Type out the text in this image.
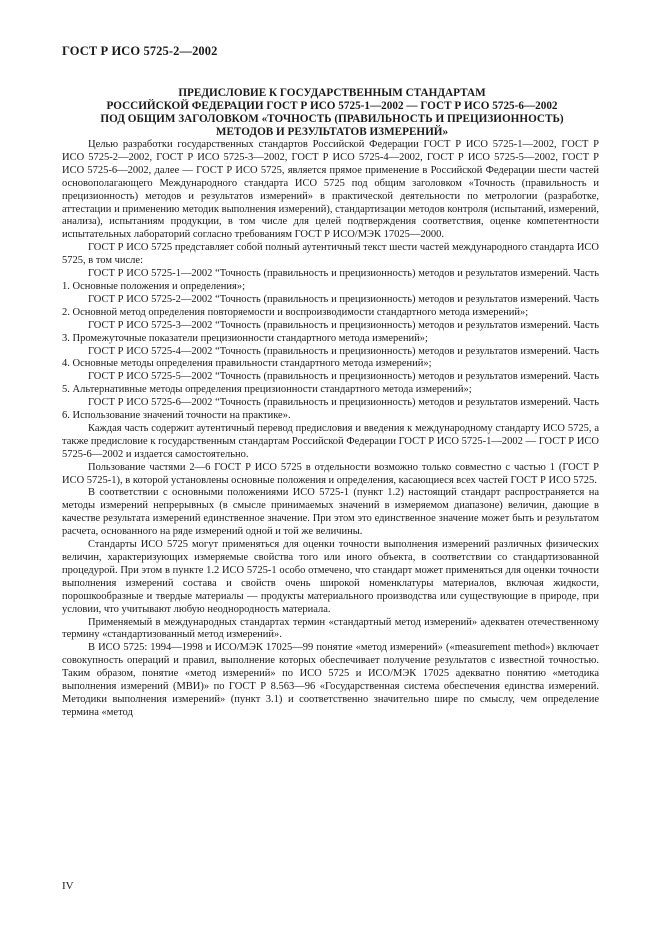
ГОСТ Р ИСО 5725-2—2002
ПРЕДИСЛОВИЕ К ГОСУДАРСТВЕННЫМ СТАНДАРТАМ
РОССИЙСКОЙ ФЕДЕРАЦИИ ГОСТ Р ИСО 5725-1—2002 — ГОСТ Р ИСО 5725-6—2002
ПОД ОБЩИМ ЗАГОЛОВКОМ «ТОЧНОСТЬ (ПРАВИЛЬНОСТЬ И ПРЕЦИЗИОННОСТЬ)
МЕТОДОВ И РЕЗУЛЬТАТОВ ИЗМЕРЕНИЙ»

Целью разработки государственных стандартов Российской Федерации ГОСТ Р ИСО 5725-1—2002, ГОСТ Р ИСО 5725-2—2002, ГОСТ Р ИСО 5725-3—2002, ГОСТ Р ИСО 5725-4—2002, ГОСТ Р ИСО 5725-5—2002, ГОСТ Р ИСО 5725-6—2002, далее — ГОСТ Р ИСО 5725, является прямое применение в Российской Федерации шести частей основополагающего Международного стандарта ИСО 5725 под общим заголовком «Точность (правильность и прецизионность) методов и результатов измерений» в практической деятельности по метрологии (разработке, аттестации и применению методик выполнения измерений), стандартизации методов контроля (испытаний, измерений, анализа), испытаниям продукции, в том числе для целей подтверждения соответствия, оценке компетентности испытательных лабораторий согласно требованиям ГОСТ Р ИСО/МЭК 17025—2000.

ГОСТ Р ИСО 5725 представляет собой полный аутентичный текст шести частей международного стандарта ИСО 5725, в том числе:

ГОСТ Р ИСО 5725-1—2002 “Точность (правильность и прецизионность) методов и результатов измерений. Часть 1. Основные положения и определения»;

ГОСТ Р ИСО 5725-2—2002 “Точность (правильность и прецизионность) методов и результатов измерений. Часть 2. Основной метод определения повторяемости и воспроизводимости стандартного метода измерений»;

ГОСТ Р ИСО 5725-3—2002 “Точность (правильность и прецизионность) методов и результатов измерений. Часть 3. Промежуточные показатели прецизионности стандартного метода измерений»;

ГОСТ Р ИСО 5725-4—2002 “Точность (правильность и прецизионность) методов и результатов измерений. Часть 4. Основные методы определения правильности стандартного метода измерений»;

ГОСТ Р ИСО 5725-5—2002 “Точность (правильность и прецизионность) методов и результатов измерений. Часть 5. Альтернативные методы определения прецизионности стандартного метода измерений»;

ГОСТ Р ИСО 5725-6—2002 “Точность (правильность и прецизионность) методов и результатов измерений. Часть 6. Использование значений точности на практике».

Каждая часть содержит аутентичный перевод предисловия и введения к международному стандарту ИСО 5725, а также предисловие к государственным стандартам Российской Федерации ГОСТ Р ИСО 5725-1—2002 — ГОСТ Р ИСО 5725-6—2002 и издается самостоятельно.

Пользование частями 2—6 ГОСТ Р ИСО 5725 в отдельности возможно только совместно с частью 1 (ГОСТ Р ИСО 5725-1), в которой установлены основные положения и определения, касающиеся всех частей ГОСТ Р ИСО 5725.

В соответствии с основными положениями ИСО 5725-1 (пункт 1.2) настоящий стандарт распространяется на методы измерений непрерывных (в смысле принимаемых значений в измеряемом диапазоне) величин, дающие в качестве результата измерений единственное значение. При этом это единственное значение может быть и результатом расчета, основанного на ряде измерений одной и той же величины.

Стандарты ИСО 5725 могут применяться для оценки точности выполнения измерений различных физических величин, характеризующих измеряемые свойства того или иного объекта, в соответствии со стандартизованной процедурой. При этом в пункте 1.2 ИСО 5725-1 особо отмечено, что стандарт может применяться для оценки точности выполнения измерений состава и свойств очень широкой номенклатуры материалов, включая жидкости, порошкообразные и твердые материалы — продукты материального производства или существующие в природе, при условии, что учитывают любую неоднородность материала.

Применяемый в международных стандартах термин «стандартный метод измерений» адекватен отечественному термину «стандартизованный метод измерений».

В ИСО 5725: 1994—1998 и ИСО/МЭК 17025—99 понятие «метод измерений» («measurement method») включает совокупность операций и правил, выполнение которых обеспечивает получение результатов с известной точностью. Таким образом, понятие «метод измерений» по ИСО 5725 и ИСО/МЭК 17025 адекватно понятию «методика выполнения измерений (МВИ)» по ГОСТ Р 8.563—96 «Государственная система обеспечения единства измерений. Методики выполнения измерений» (пункт 3.1) и соответственно значительно шире по смыслу, чем определение термина «метод

IV
